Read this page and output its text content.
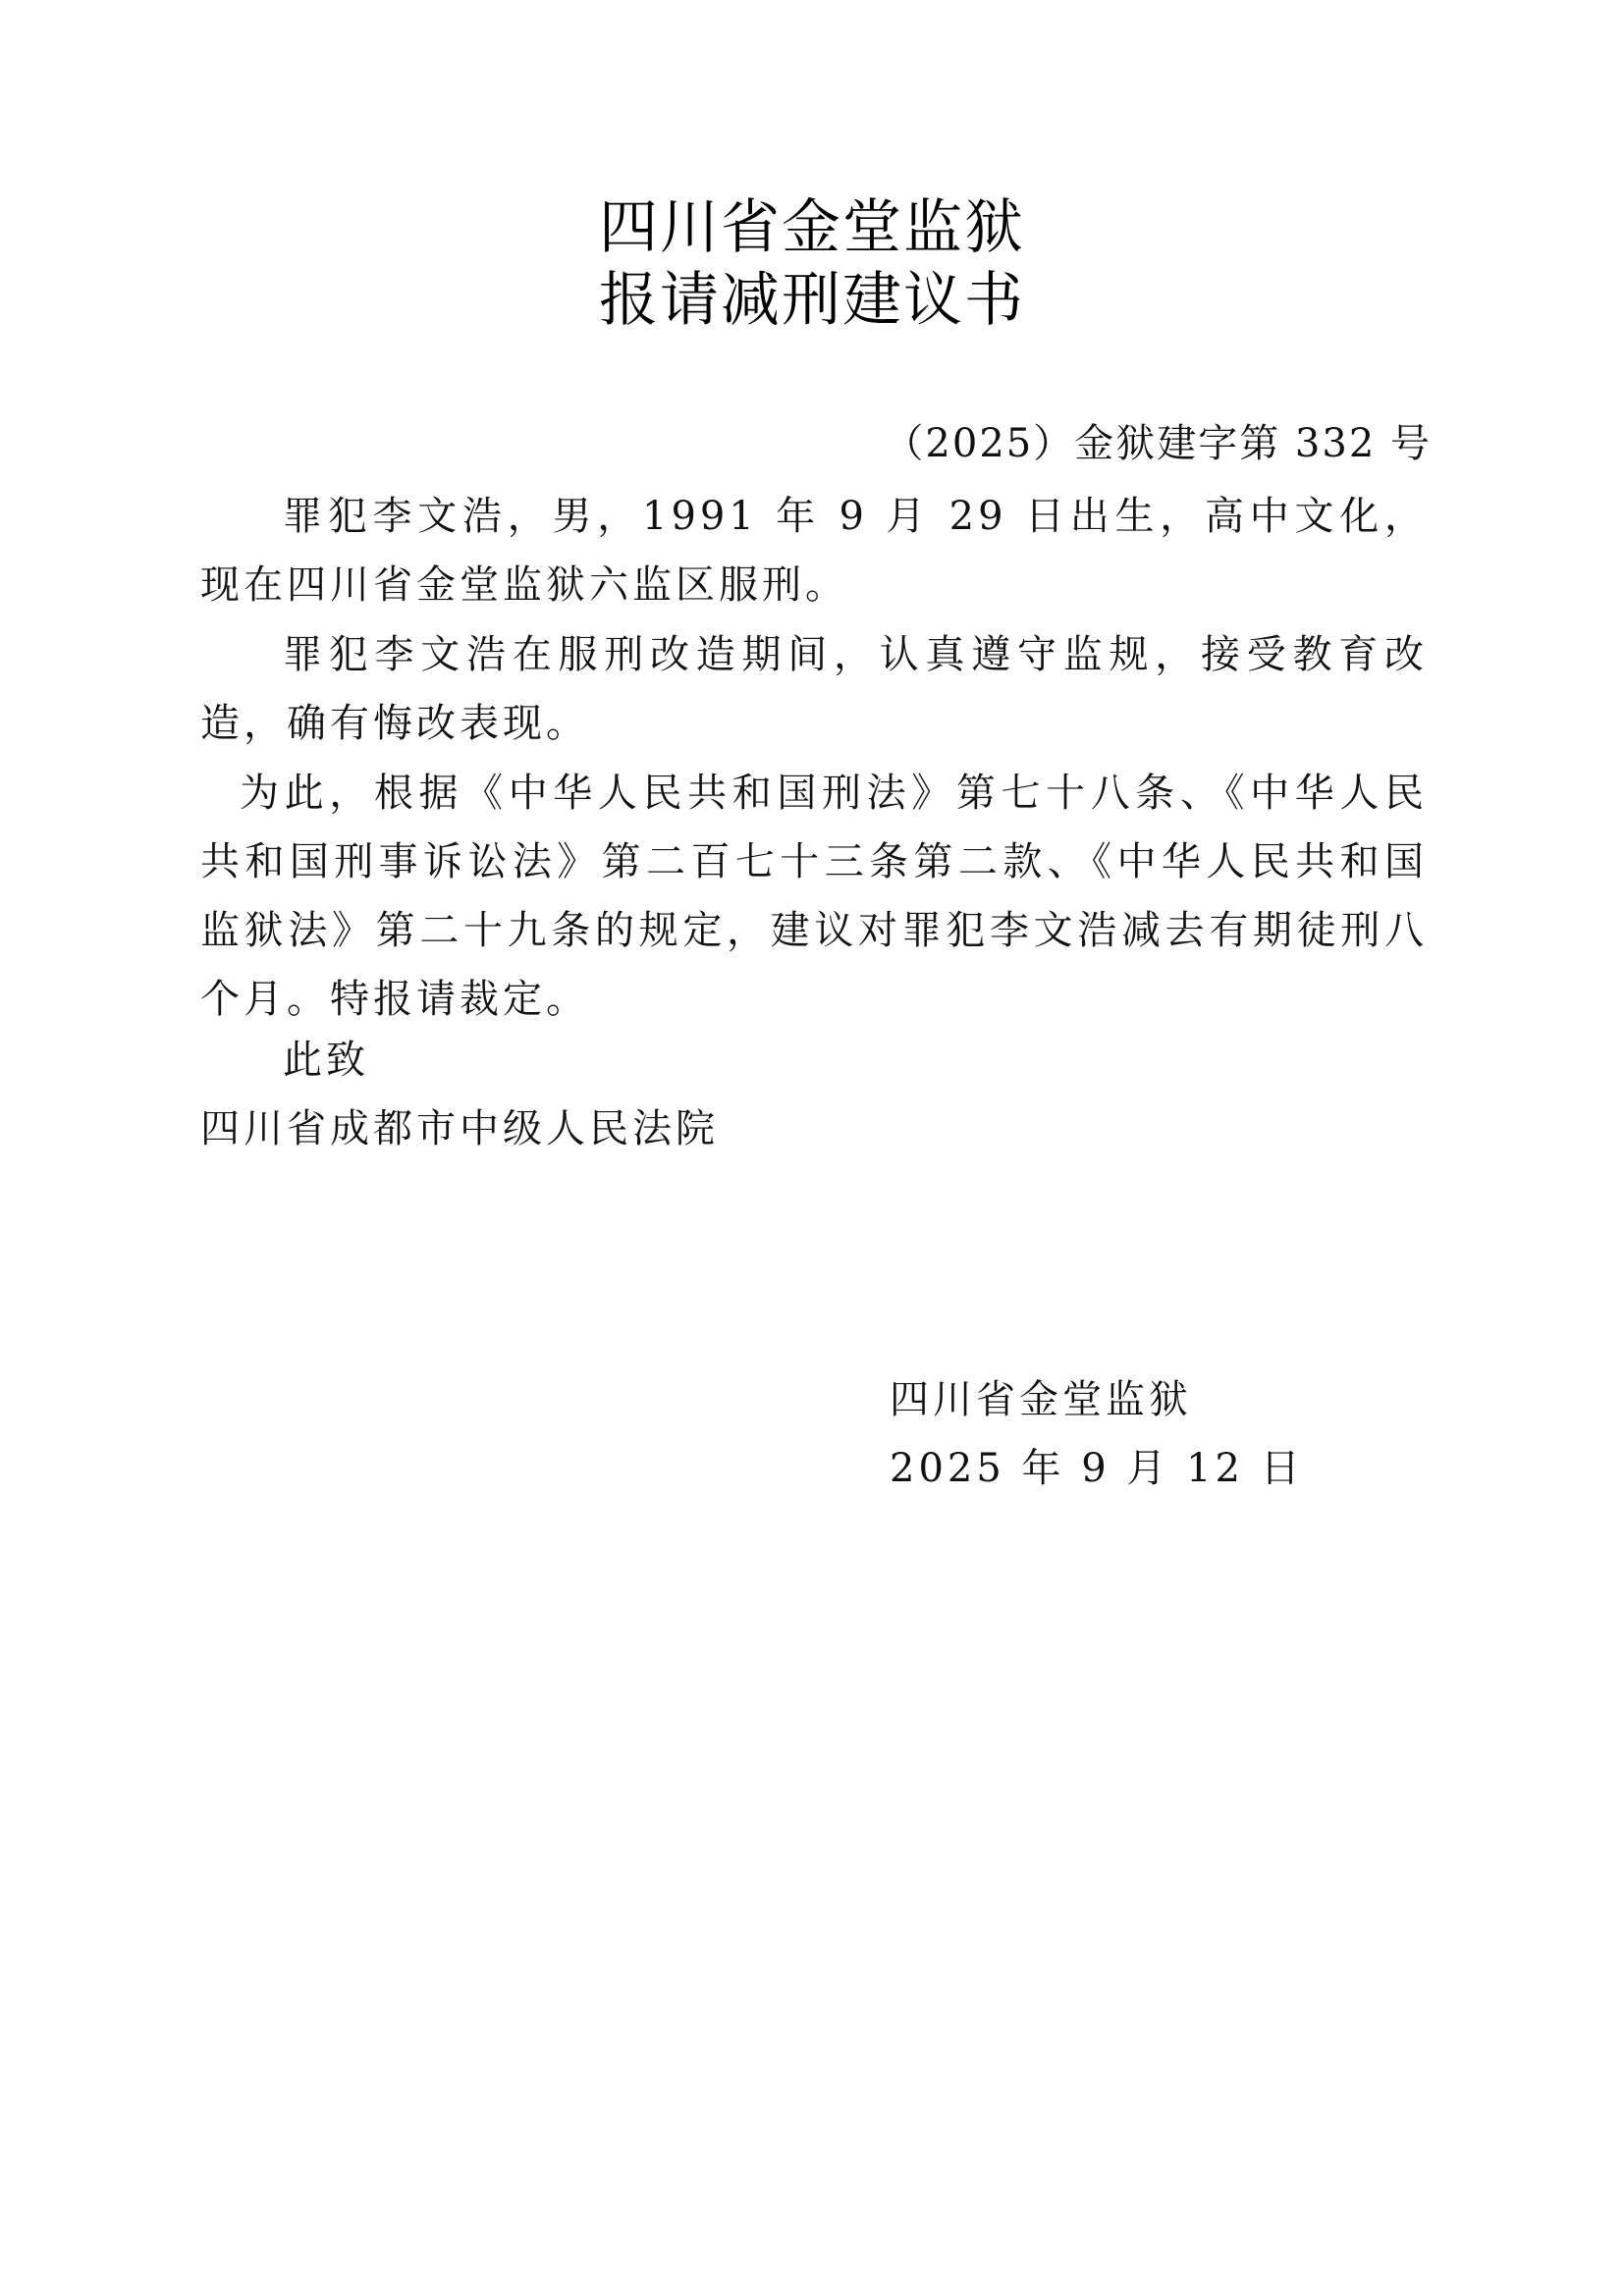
四川省金堂监狱
报请减刑建议书
（2025）金狱建字第 332 号

罪犯李文浩，男，1991 年 9 月 29 日出生，高中文化，现在四川省金堂监狱六监区服刑。

罪犯李文浩在服刑改造期间，认真遵守监规，接受教育改造，确有悔改表现。

为此，根据《中华人民共和国刑法》第七十八条、《中华人民共和国刑事诉讼法》第二百七十三条第二款、《中华人民共和国监狱法》第二十九条的规定，建议对罪犯李文浩减去有期徒刑八个月。特报请裁定。

此致
四川省成都市中级人民法院
四川省金堂监狱
2025 年 9 月 12 日
